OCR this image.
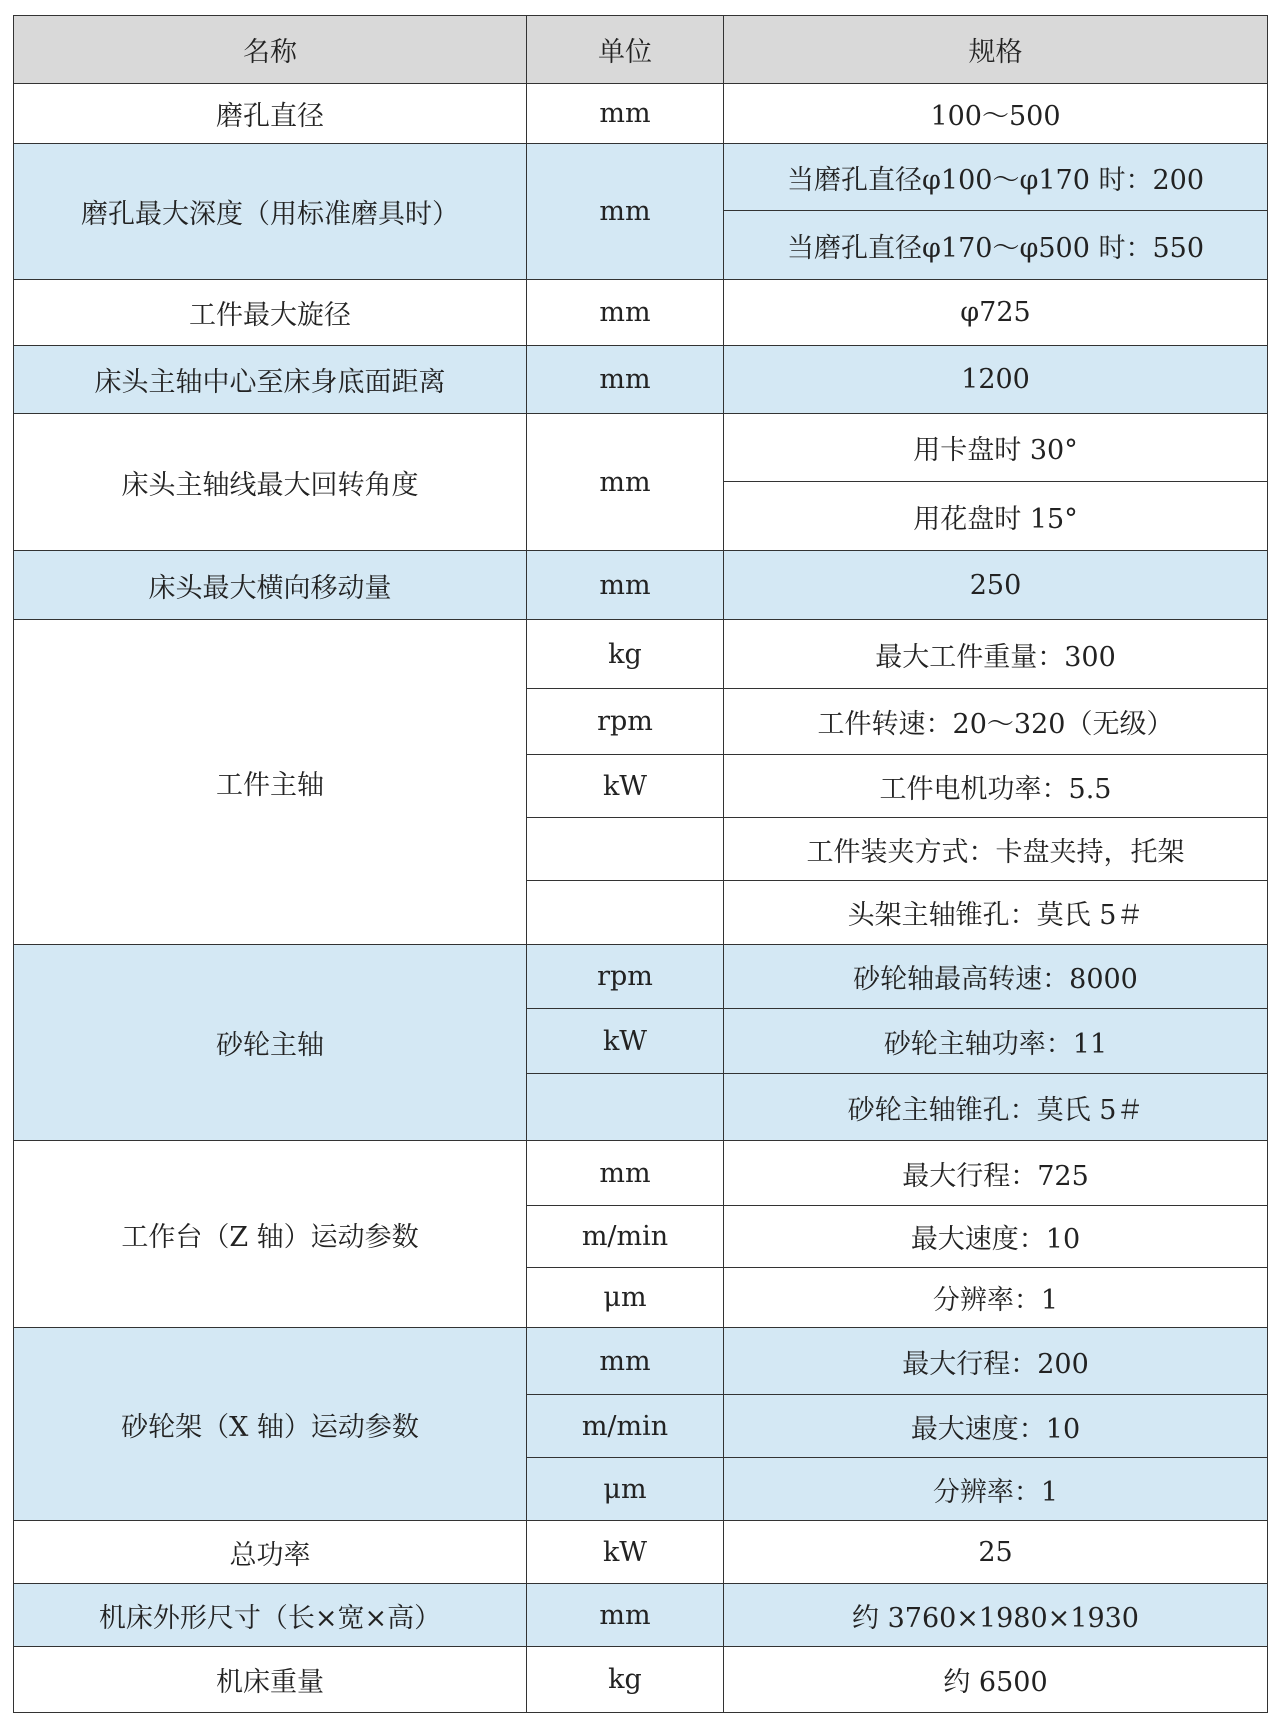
名称	单位	规格
磨孔直径	mm	100～500
磨孔最大深度（用标准磨具时）	mm	当磨孔直径φ100～φ170 时：200
		当磨孔直径φ170～φ500 时：550
工件最大旋径	mm	φ725
床头主轴中心至床身底面距离	mm	1200
床头主轴线最大回转角度	mm	用卡盘时 30°
		用花盘时 15°
床头最大横向移动量	mm	250
工件主轴	kg	最大工件重量：300
	rpm	工件转速：20～320（无级）
	kW	工件电机功率：5.5
		工件装夹方式：卡盘夹持，托架
		头架主轴锥孔：莫氏 5＃
砂轮主轴	rpm	砂轮轴最高转速：8000
	kW	砂轮主轴功率：11
		砂轮主轴锥孔：莫氏 5＃
工作台（Z 轴）运动参数	mm	最大行程：725
	m/min	最大速度：10
	μm	分辨率：1
砂轮架（X 轴）运动参数	mm	最大行程：200
	m/min	最大速度：10
	μm	分辨率：1
总功率	kW	25
机床外形尺寸（长×宽×高）	mm	约 3760×1980×1930
机床重量	kg	约 6500
